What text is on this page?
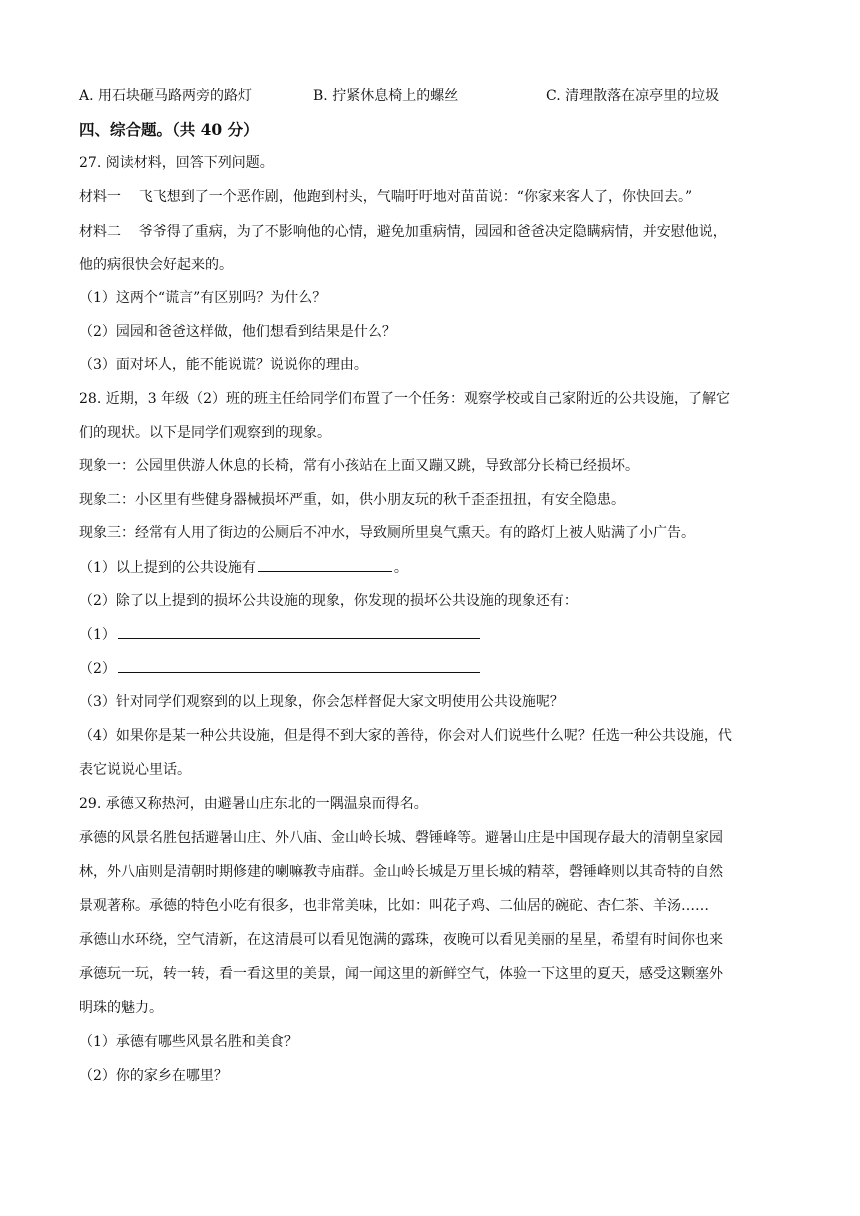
A. 用石块砸马路两旁的路灯	B. 拧紧休息椅上的螺丝	C. 清理散落在凉亭里的垃圾
四、综合题。（共 40 分）
27. 阅读材料，回答下列问题。
材料一    飞飞想到了一个恶作剧，他跑到村头，气喘吁吁地对苗苗说：“你家来客人了，你快回去。”
材料二    爷爷得了重病，为了不影响他的心情，避免加重病情，园园和爸爸决定隐瞒病情，并安慰他说，
他的病很快会好起来的。
（1）这两个“谎言”有区别吗？为什么？
（2）园园和爸爸这样做，他们想看到结果是什么？
（3）面对坏人，能不能说谎？说说你的理由。
28. 近期，3 年级（2）班的班主任给同学们布置了一个任务：观察学校或自己家附近的公共设施，了解它
们的现状。以下是同学们观察到的现象。
现象一：公园里供游人休息的长椅，常有小孩站在上面又蹦又跳，导致部分长椅已经损坏。
现象二：小区里有些健身器械损坏严重，如，供小朋友玩的秋千歪歪扭扭，有安全隐患。
现象三：经常有人用了街边的公厕后不冲水，导致厕所里臭气熏天。有的路灯上被人贴满了小广告。
（1）以上提到的公共设施有	。
（2）除了以上提到的损坏公共设施的现象，你发现的损坏公共设施的现象还有：
（1）
（2）
（3）针对同学们观察到的以上现象，你会怎样督促大家文明使用公共设施呢？
（4）如果你是某一种公共设施，但是得不到大家的善待，你会对人们说些什么呢？任选一种公共设施，代
表它说说心里话。
29. 承德又称热河，由避暑山庄东北的一隅温泉而得名。
承德的风景名胜包括避暑山庄、外八庙、金山岭长城、磬锤峰等。避暑山庄是中国现存最大的清朝皇家园
林，外八庙则是清朝时期修建的喇嘛教寺庙群。金山岭长城是万里长城的精萃，磬锤峰则以其奇特的自然
景观著称。承德的特色小吃有很多，也非常美味，比如：叫花子鸡、二仙居的碗砣、杏仁茶、羊汤……
承德山水环绕，空气清新，在这清晨可以看见饱满的露珠，夜晚可以看见美丽的星星，希望有时间你也来
承德玩一玩，转一转，看一看这里的美景，闻一闻这里的新鲜空气，体验一下这里的夏天，感受这颗塞外
明珠的魅力。
（1）承德有哪些风景名胜和美食？
（2）你的家乡在哪里？
